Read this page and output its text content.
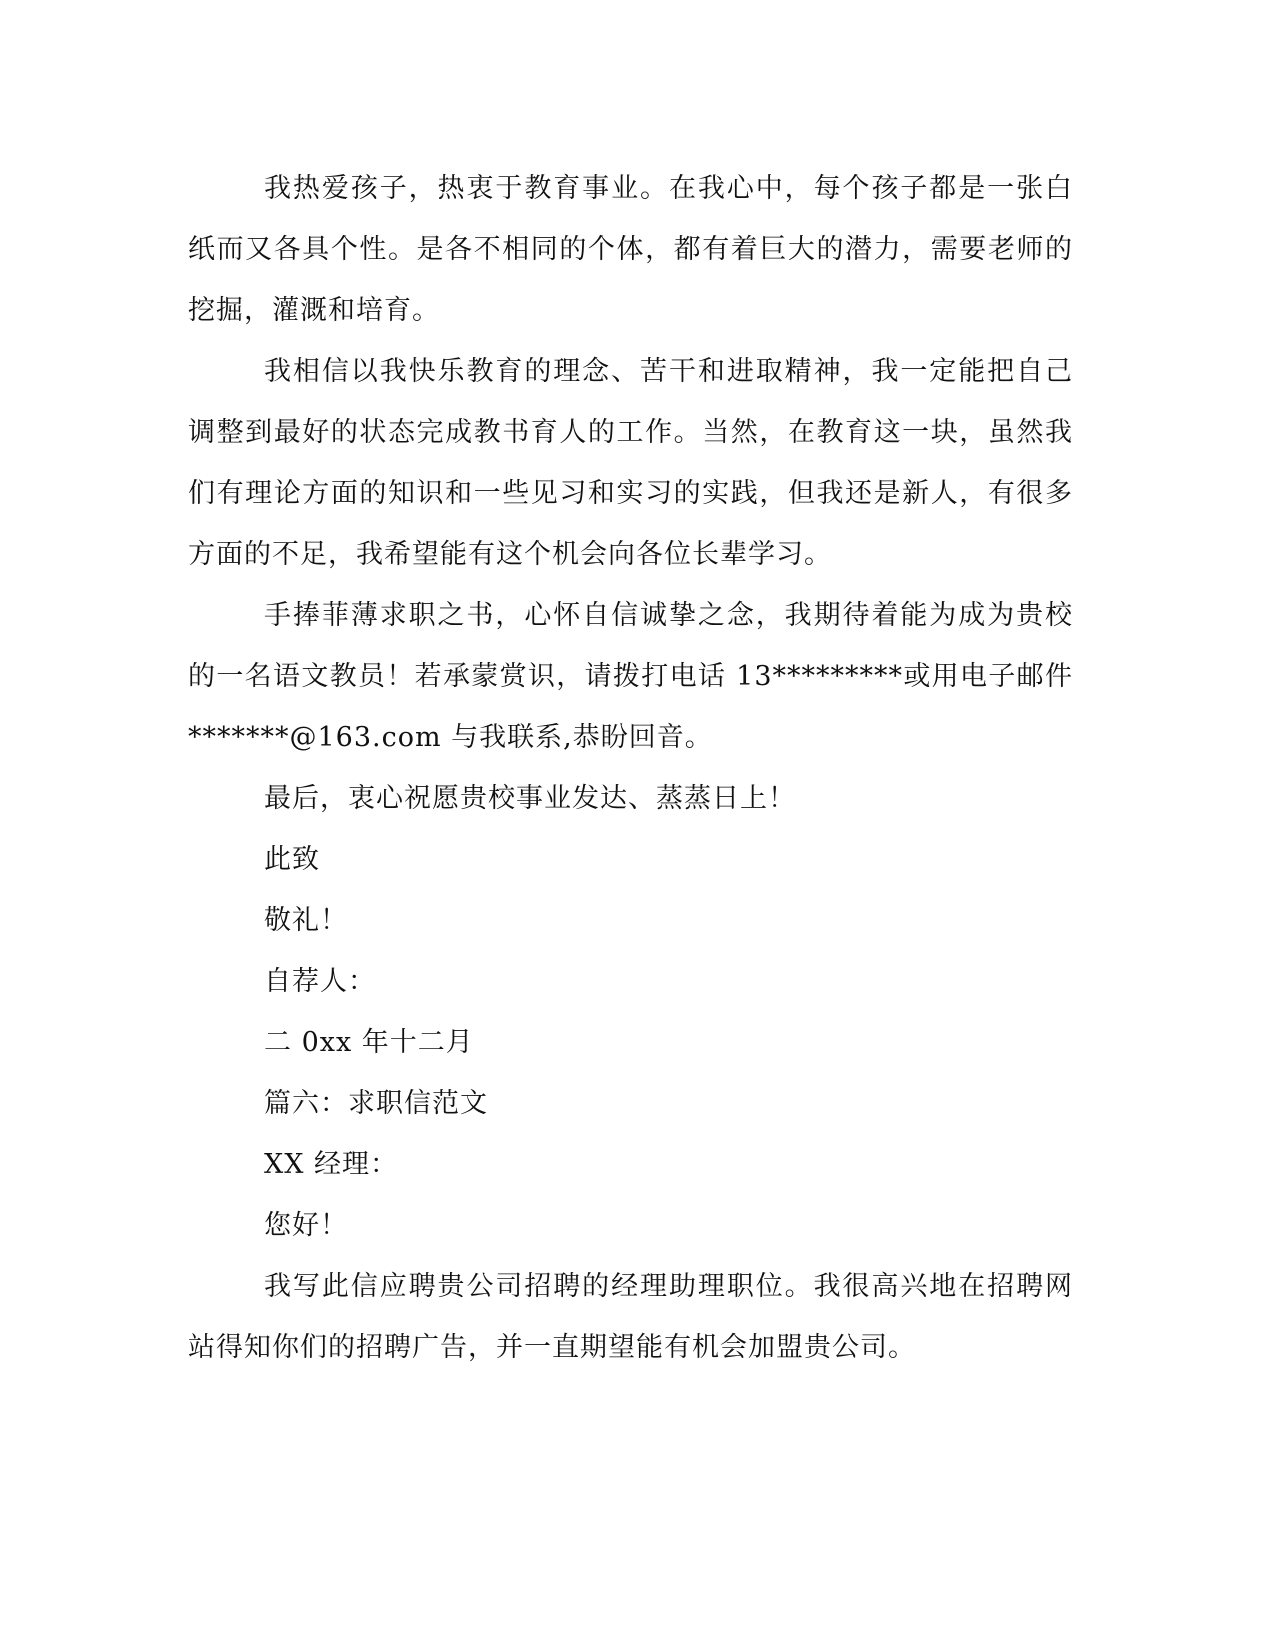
我热爱孩子，热衷于教育事业。在我心中，每个孩子都是一张白纸而又各具个性。是各不相同的个体，都有着巨大的潜力，需要老师的挖掘，灌溉和培育。

我相信以我快乐教育的理念、苦干和进取精神，我一定能把自己调整到最好的状态完成教书育人的工作。当然，在教育这一块，虽然我们有理论方面的知识和一些见习和实习的实践，但我还是新人，有很多方面的不足，我希望能有这个机会向各位长辈学习。

手捧菲薄求职之书，心怀自信诚挚之念，我期待着能为成为贵校的一名语文教员！若承蒙赏识，请拨打电话 13*********或用电子邮件*******@163.com 与我联系,恭盼回音。

最后，衷心祝愿贵校事业发达、蒸蒸日上！

此致

敬礼！

自荐人：

二 0xx 年十二月

篇六：求职信范文

XX 经理：

您好！

我写此信应聘贵公司招聘的经理助理职位。我很高兴地在招聘网站得知你们的招聘广告，并一直期望能有机会加盟贵公司。
